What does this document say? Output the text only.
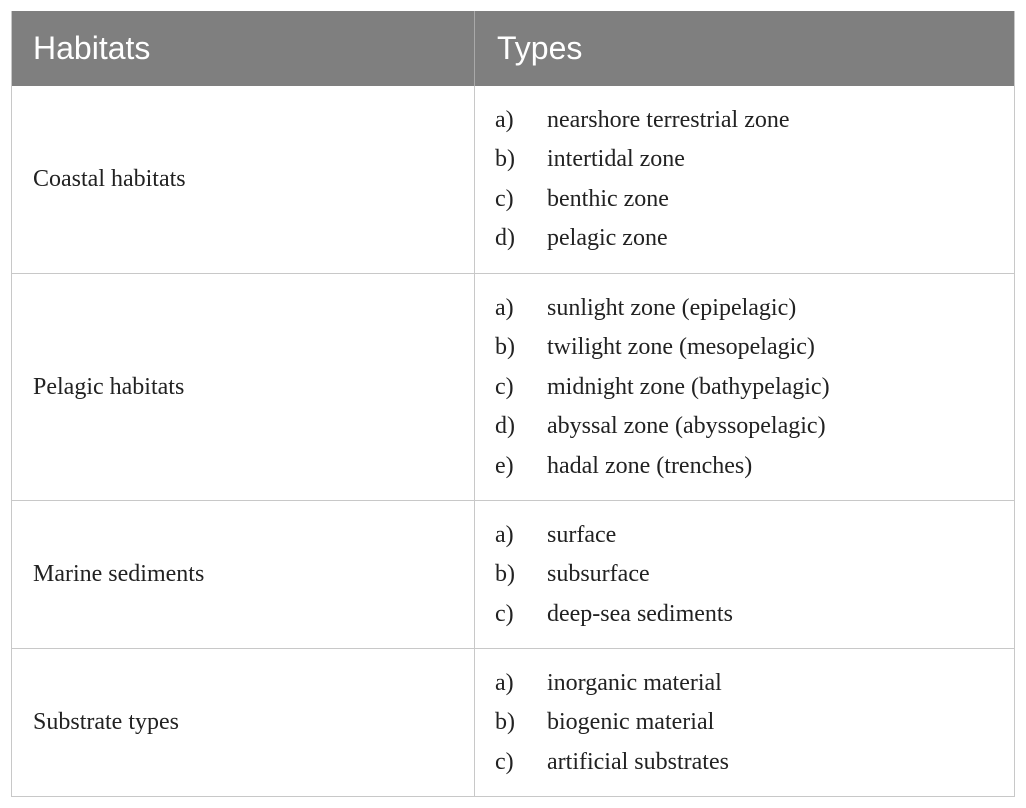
Habitats	Types
Coastal habitats
a)	nearshore terrestrial zone
b)	intertidal zone
c)	benthic zone
d)	pelagic zone
Pelagic habitats
a)	sunlight zone (epipelagic)
b)	twilight zone (mesopelagic)
c)	midnight zone (bathypelagic)
d)	abyssal zone (abyssopelagic)
e)	hadal zone (trenches)
Marine sediments
a)	surface
b)	subsurface
c)	deep-sea sediments
Substrate types
a)	inorganic material
b)	biogenic material
c)	artificial substrates
